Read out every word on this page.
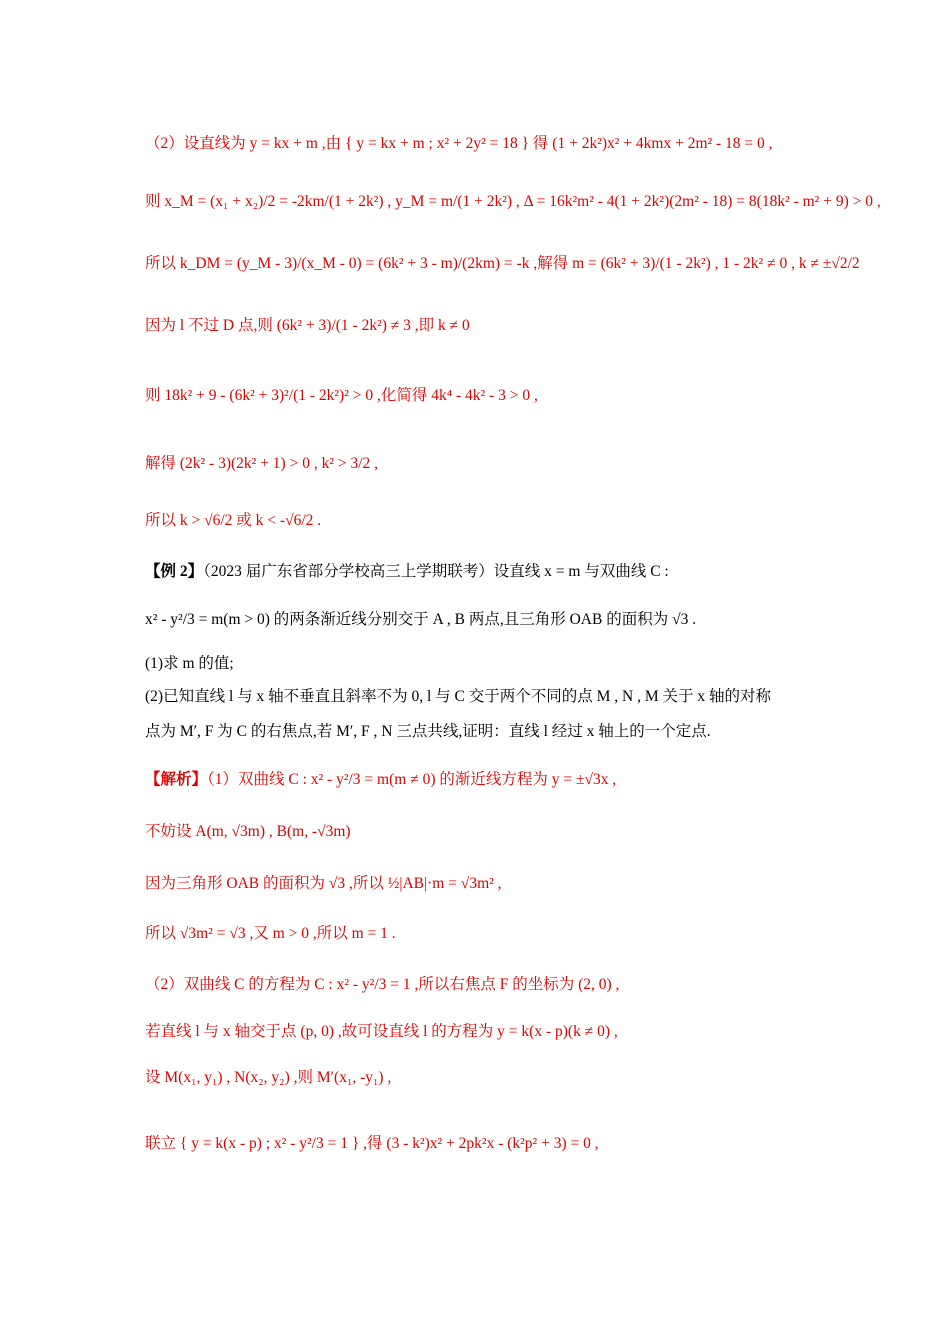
（2）设直线为 y = kx + m ,由 { y = kx + m ; x² + 2y² = 18 } 得 (1 + 2k²)x² + 4kmx + 2m² - 18 = 0 ,
则 x_M = (x₁ + x₂)/2 = -2km/(1 + 2k²) , y_M = m/(1 + 2k²) , Δ = 16k²m² - 4(1 + 2k²)(2m² - 18) = 8(18k² - m² + 9) > 0 ,
所以 k_DM = (y_M - 3)/(x_M - 0) = (6k² + 3 - m)/(2km) = -k ,解得 m = (6k² + 3)/(1 - 2k²) , 1 - 2k² ≠ 0 , k ≠ ±√2/2
因为 l 不过 D 点,则 (6k² + 3)/(1 - 2k²) ≠ 3 ,即 k ≠ 0
则 18k² + 9 - (6k² + 3)²/(1 - 2k²)² > 0 ,化简得 4k⁴ - 4k² - 3 > 0 ,
解得 (2k² - 3)(2k² + 1) > 0 , k² > 3/2 ,
所以 k > √6/2 或 k < -√6/2 .
【例 2】（2023 届广东省部分学校高三上学期联考）设直线 x = m 与双曲线 C :
x² - y²/3 = m(m > 0) 的两条渐近线分别交于 A , B 两点,且三角形 OAB 的面积为 √3 .
(1)求 m 的值;
(2)已知直线 l 与 x 轴不垂直且斜率不为 0, l 与 C 交于两个不同的点 M , N , M 关于 x 轴的对称
点为 M′, F 为 C 的右焦点,若 M′, F , N 三点共线,证明：直线 l 经过 x 轴上的一个定点.
【解析】（1）双曲线 C : x² - y²/3 = m(m ≠ 0) 的渐近线方程为 y = ±√3x ,
不妨设 A(m, √3m) , B(m, -√3m)
因为三角形 OAB 的面积为 √3 ,所以 ½|AB|·m = √3m² ,
所以 √3m² = √3 ,又 m > 0 ,所以 m = 1 .
（2）双曲线 C 的方程为 C : x² - y²/3 = 1 ,所以右焦点 F 的坐标为 (2, 0) ,
若直线 l 与 x 轴交于点 (p, 0) ,故可设直线 l 的方程为 y = k(x - p)(k ≠ 0) ,
设 M(x₁, y₁) , N(x₂, y₂) ,则 M′(x₁, -y₁) ,
联立 { y = k(x - p) ; x² - y²/3 = 1 } ,得 (3 - k²)x² + 2pk²x - (k²p² + 3) = 0 ,
